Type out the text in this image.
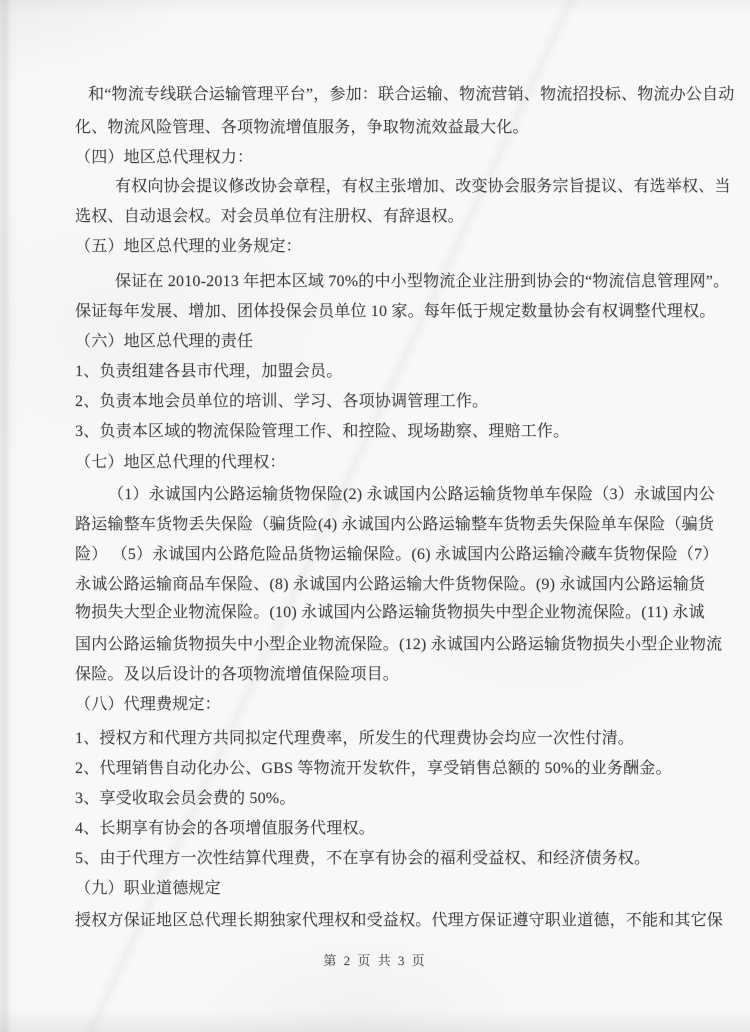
和“物流专线联合运输管理平台”，参加：联合运输、物流营销、物流招投标、物流办公自动
化、物流风险管理、各项物流增值服务，争取物流效益最大化。
（四）地区总代理权力：
有权向协会提议修改协会章程，有权主张增加、改变协会服务宗旨提议、有选举权、当
选权、自动退会权。对会员单位有注册权、有辞退权。
（五）地区总代理的业务规定：
保证在 2010-2013 年把本区域 70%的中小型物流企业注册到协会的“物流信息管理网”。
保证每年发展、增加、团体投保会员单位 10 家。每年低于规定数量协会有权调整代理权。
（六）地区总代理的责任
1、负责组建各县市代理，加盟会员。
2、负责本地会员单位的培训、学习、各项协调管理工作。
3、负责本区域的物流保险管理工作、和控险、现场勘察、理赔工作。
（七）地区总代理的代理权：
（1）永诚国内公路运输货物保险(2) 永诚国内公路运输货物单车保险（3）永诚国内公
路运输整车货物丢失保险（骗货险(4) 永诚国内公路运输整车货物丢失保险单车保险（骗货
险） （5）永诚国内公路危险品货物运输保险。(6) 永诚国内公路运输冷藏车货物保险（7）
永诚公路运输商品车保险、(8) 永诚国内公路运输大件货物保险。(9) 永诚国内公路运输货
物损失大型企业物流保险。(10) 永诚国内公路运输货物损失中型企业物流保险。(11) 永诚
国内公路运输货物损失中小型企业物流保险。(12) 永诚国内公路运输货物损失小型企业物流
保险。及以后设计的各项物流增值保险项目。
（八）代理费规定：
1、授权方和代理方共同拟定代理费率，所发生的代理费协会均应一次性付清。
2、代理销售自动化办公、GBS 等物流开发软件，享受销售总额的 50%的业务酬金。
3、享受收取会员会费的 50%。
4、长期享有协会的各项增值服务代理权。
5、由于代理方一次性结算代理费，不在享有协会的福利受益权、和经济债务权。
（九）职业道德规定
授权方保证地区总代理长期独家代理权和受益权。代理方保证遵守职业道德，不能和其它保
第 2 页 共 3 页
